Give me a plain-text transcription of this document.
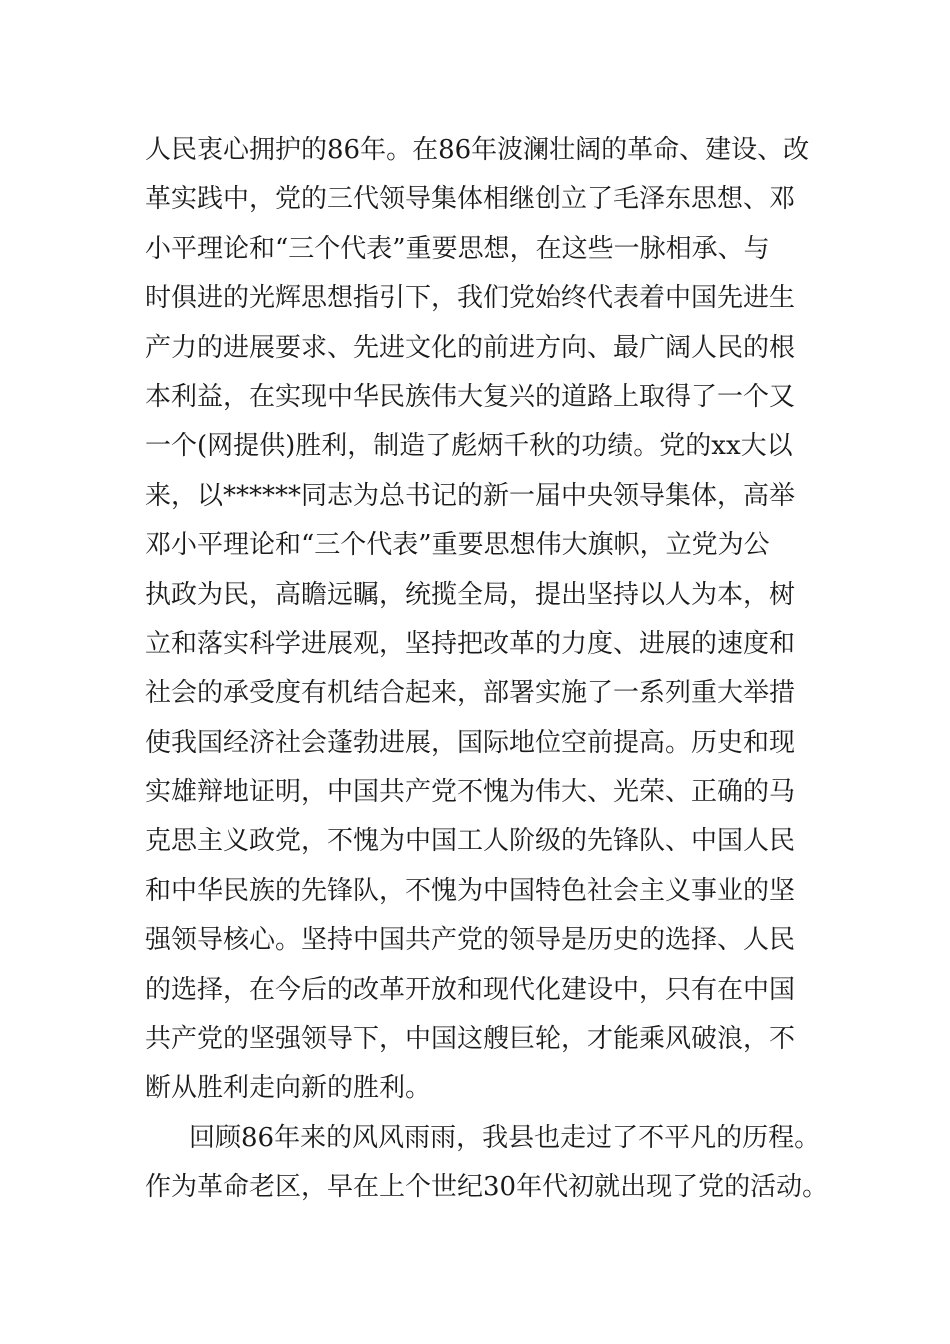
人民衷心拥护的86年。在86年波澜壮阔的革命、建设、改
革实践中，党的三代领导集体相继创立了毛泽东思想、邓
小平理论和“三个代表”重要思想，在这些一脉相承、与
时俱进的光辉思想指引下，我们党始终代表着中国先进生
产力的进展要求、先进文化的前进方向、最广阔人民的根
本利益，在实现中华民族伟大复兴的道路上取得了一个又
一个(网提供)胜利，制造了彪炳千秋的功绩。党的xx大以
来，以******同志为总书记的新一届中央领导集体，高举
邓小平理论和“三个代表”重要思想伟大旗帜，立党为公
执政为民，高瞻远瞩，统揽全局，提出坚持以人为本，树
立和落实科学进展观，坚持把改革的力度、进展的速度和
社会的承受度有机结合起来，部署实施了一系列重大举措
使我国经济社会蓬勃进展，国际地位空前提高。历史和现
实雄辩地证明，中国共产党不愧为伟大、光荣、正确的马
克思主义政党，不愧为中国工人阶级的先锋队、中国人民
和中华民族的先锋队，不愧为中国特色社会主义事业的坚
强领导核心。坚持中国共产党的领导是历史的选择、人民
的选择，在今后的改革开放和现代化建设中，只有在中国
共产党的坚强领导下，中国这艘巨轮，才能乘风破浪，不
断从胜利走向新的胜利。
回顾86年来的风风雨雨，我县也走过了不平凡的历程。
作为革命老区，早在上个世纪30年代初就出现了党的活动。
